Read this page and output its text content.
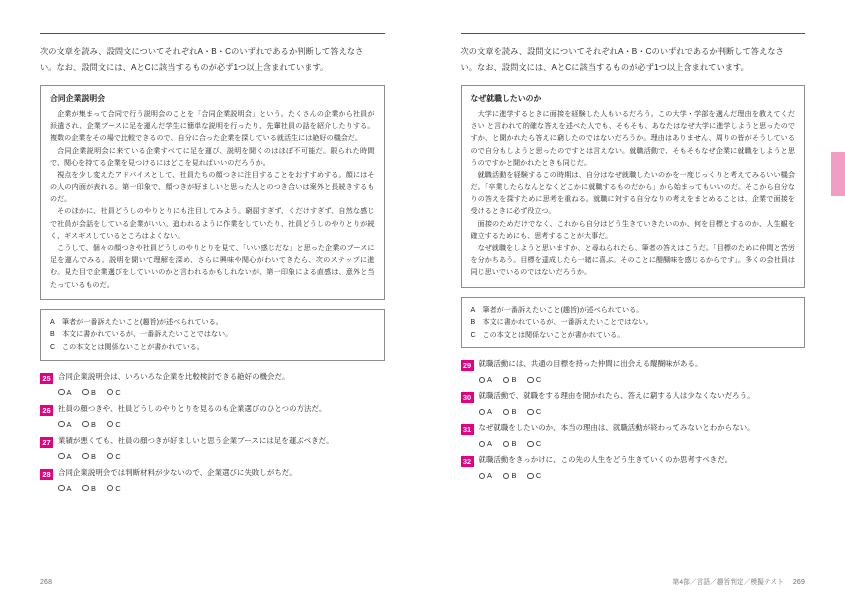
次の文章を読み、設問文についてそれぞれA・B・Cのいずれであるか判断して答えなさ
い。なお、設問文には、AとCに該当するものが必ず1つ以上含まれています。

合同企業説明会

企業が集まって合同で行う説明会のことを「合同企業説明会」という。たくさんの企業から社員が派遣され、企業ブースに足を運んだ学生に簡単な説明を行ったり、先輩社員の話を紹介したりする。複数の企業をその場で比較できるので、自分に合った企業を探している就活生には絶好の機会だ。

合同企業説明会に来ている企業すべてに足を運び、説明を聞くのはほぼ不可能だ。限られた時間で、関心を持てる企業を見つけるにはどこを見ればいいのだろうか。

視点を少し変えたアドバイスとして、社員たちの顔つきに注目することをおすすめする。顔にはその人の内面が表れる。第一印象で、顔つきが好ましいと思った人とのつき合いは案外と長続きするものだ。

そのほかに、社員どうしのやりとりにも注目してみよう。窮屈すぎず、くだけすぎず、自然な感じで社員が会話をしている企業がいい。追われるように作業をしていたり、社員どうしのやりとりが続く、ギスギスしているところはよくない。

こうして、個々の顔つきや社員どうしのやりとりを見て、「いい感じだな」と思った企業のブースに足を運んでみる。説明を聞いて理解を深め、さらに興味や関心がわいてきたら、次のステップに進む。見た目で企業選びをしていいのかと言われるかもしれないが、第一印象による直感は、意外と当たっているものだ。

A	筆者が一番訴えたいこと(趣旨)が述べられている。
B	本文に書かれているが、一番訴えたいことではない。
C この本文とは関係ないことが書かれている。
25 合同企業説明会は、いろいろな企業を比較検討できる絶好の機会だ。
A	B	C
26 社員の顔つきや、社員どうしのやりとりを見るのも企業選びのひとつの方法だ。
A	B	C
27 業績が悪くても、社員の顔つきが好ましいと思う企業ブースには足を運ぶべきだ。
A	B	C
28 合同企業説明会では判断材料が少ないので、企業選びに失敗しがちだ。
A	B	C
268

次の文章を読み、設問文についてそれぞれA・B・Cのいずれであるか判断して答えなさ
い。なお、設問文には、AとCに該当するものが必ず1つ以上含まれています。

なぜ就職したいのか

大学に進学するときに面接を経験した人もいるだろう。この大学・学部を選んだ理由を教えてください と言われて的確な答えを述べた人でも、そもそも、あなたはなぜ大学に進学しようと思ったのですか、と聞かれたら答えに窮したのではないだろうか。理由はありません、周りの皆がそうしているので自分もしようと思ったのですとは言えない。就職活動で、そもそもなぜ企業に就職をしようと思うのですかと聞かれたときも同じだ。

就職活動を経験するこの時期は、自分はなぜ就職したいのかを一度じっくりと考えてみるいい機会だ。「卒業したらなんとなくどこかに就職するものだから」から始まってもいいのだ。そこから自分なりの答えを探すために思考を重ねる。就職に対する自分なりの考えをまとめることは、企業で面接を受けるときに必ず役立つ。

面接のためだけでなく、これから自分はどう生きていきたいのか、何を目標とするのか、人生観を確立するためにも、思考することが大事だ。

なぜ就職をしようと思いますか、と尋ねられたら、筆者の答えはこうだ。「目標のために仲間と苦労を分かちあう。目標を達成したら一緒に喜ぶ。そのことに醍醐味を感じるからです」。多くの会社員は同じ思いでいるのではないだろうか。

A	筆者が一番訴えたいこと(趣旨)が述べられている。
B	本文に書かれているが、一番訴えたいことではない。
C この本文とは関係ないことが書かれている。
29 就職活動には、共通の目標を持った仲間に出会える醍醐味がある。
A	B	C
30 就職活動で、就職をする理由を聞かれたら、答えに窮する人は少なくないだろう。
A	B	C
31 なぜ就職をしたいのか、本当の理由は、就職活動が終わってみないとわからない。
A	B	C
32 就職活動をきっかけに、この先の人生をどう生きていくのか思考すべきだ。
A	B	C
第4部／言語／趣旨判定／模擬テスト 269
